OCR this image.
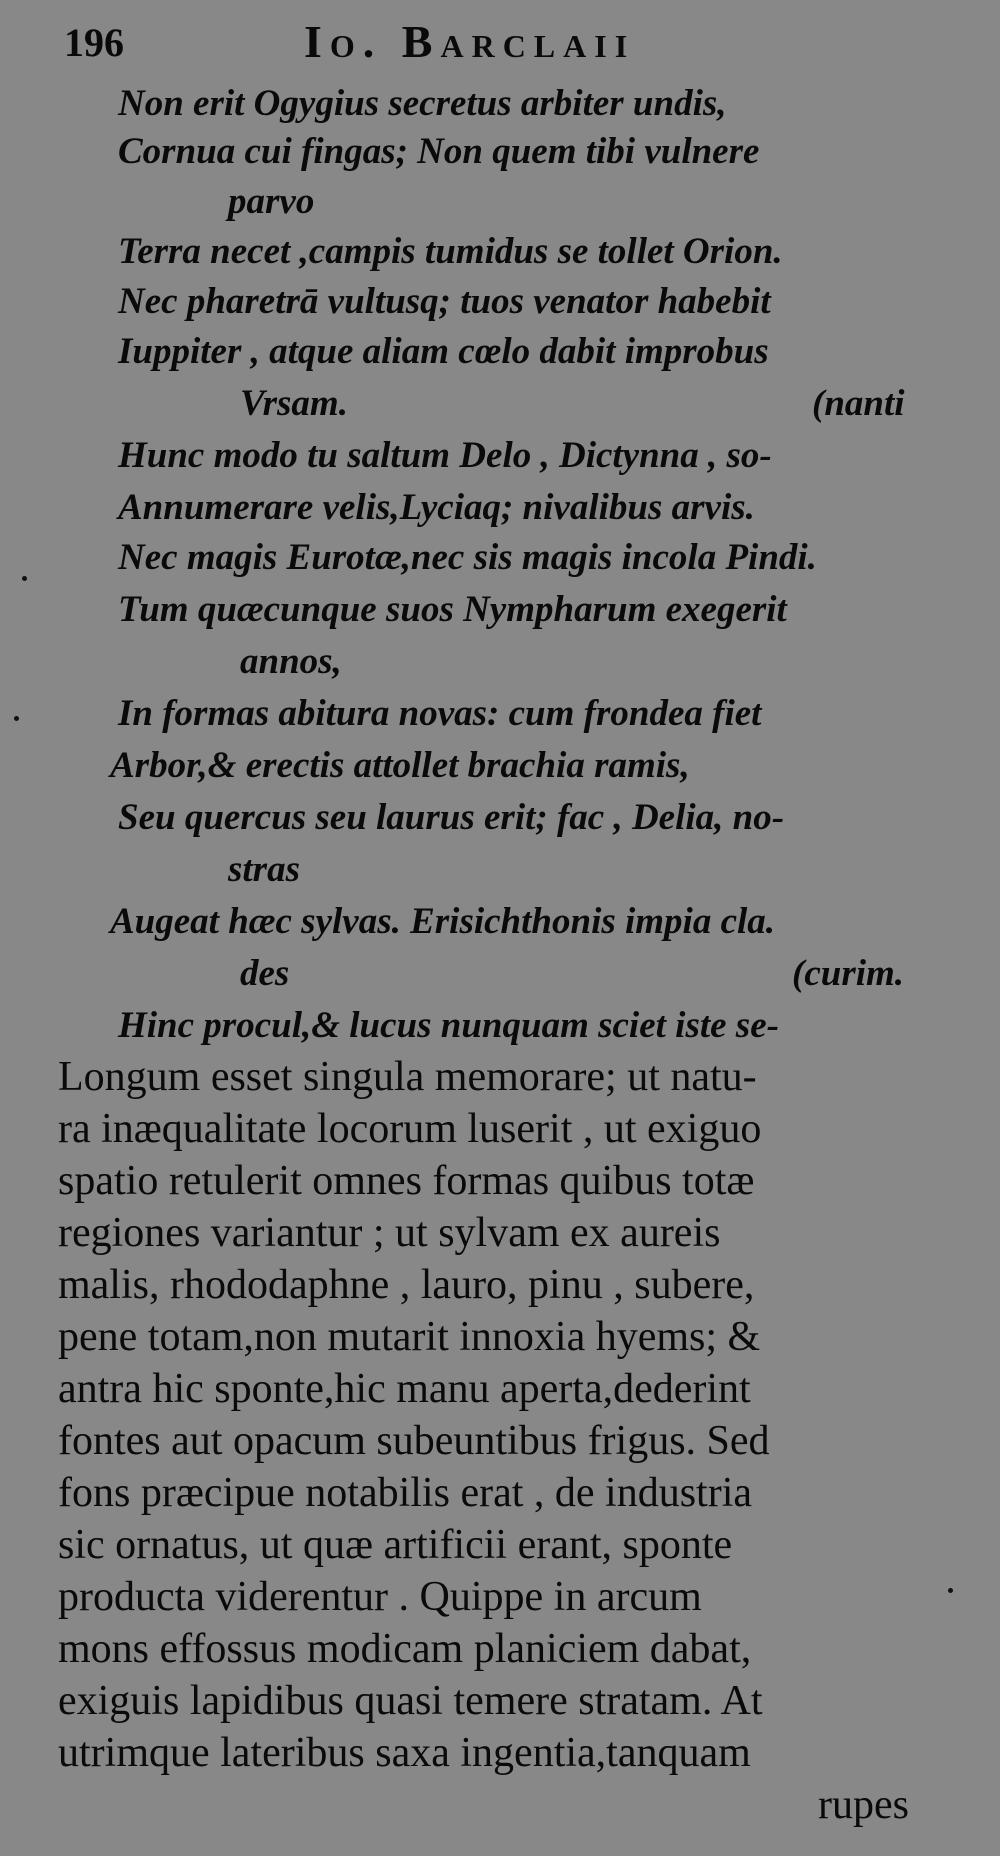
196	Io. Barclaii
Non erit Ogygius secretus arbiter undis,
Cornua cui fingas; Non quem tibi vulnere
parvo
Terra necet ,campis tumidus se tollet Orion.
Nec pharetrā vultusq; tuos venator habebit
Iuppiter , atque aliam cœlo dabit improbus
Vrsam.	(nanti
Hunc modo tu saltum Delo , Dictynna , so-
Annumerare velis,Lyciaq; nivalibus arvis.
Nec magis Eurotæ,nec sis magis incola Pindi.
Tum quæcunque suos Nympharum exegerit
annos,
In formas abitura novas: cum frondea fiet
Arbor,& erectis attollet brachia ramis,
Seu quercus seu laurus erit; fac , Delia, no-
stras
Augeat hæc sylvas. Erisichthonis impia cla.
des	(curim.
Hinc procul,& lucus nunquam sciet iste se-
Longum esset singula memorare; ut natu-
ra inæqualitate locorum luserit , ut exiguo
spatio retulerit omnes formas quibus totæ
regiones variantur ; ut sylvam ex aureis
malis, rhododaphne , lauro, pinu , subere,
pene totam,non mutarit innoxia hyems; &
antra hic sponte,hic manu aperta,dederint
fontes aut opacum subeuntibus frigus. Sed
fons præcipue notabilis erat , de industria
sic ornatus, ut quæ artificii erant, sponte
producta viderentur . Quippe in arcum
mons effossus modicam planiciem dabat,
exiguis lapidibus quasi temere stratam. At
utrimque lateribus saxa ingentia,tanquam
rupes
